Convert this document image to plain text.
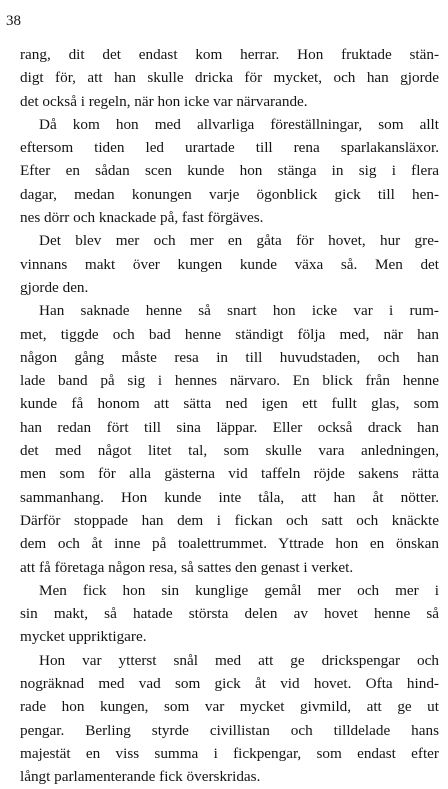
38
rang, dit det endast kom herrar. Hon fruktade stän-
digt för, att han skulle dricka för mycket, och han gjorde
det också i regeln, när hon icke var närvarande.
Då kom hon med allvarliga föreställningar, som allt
eftersom tiden led urartade till rena sparlakansläxor.
Efter en sådan scen kunde hon stänga in sig i flera
dagar, medan konungen varje ögonblick gick till hen-
nes dörr och knackade på, fast förgäves.
Det blev mer och mer en gåta för hovet, hur gre-
vinnans makt över kungen kunde växa så. Men det
gjorde den.
Han saknade henne så snart hon icke var i rum-
met, tiggde och bad henne ständigt följa med, när han
någon gång måste resa in till huvudstaden, och han
lade band på sig i hennes närvaro. En blick från henne
kunde få honom att sätta ned igen ett fullt glas, som
han redan fört till sina läppar. Eller också drack han
det med något litet tal, som skulle vara anledningen,
men som för alla gästerna vid taffeln röjde sakens rätta
sammanhang. Hon kunde inte tåla, att han åt nötter.
Därför stoppade han dem i fickan och satt och knäckte
dem och åt inne på toalettrummet. Yttrade hon en önskan
att få företaga någon resa, så sattes den genast i verket.
Men fick hon sin kunglige gemål mer och mer i
sin makt, så hatade största delen av hovet henne så
mycket uppriktigare.
Hon var ytterst snål med att ge drickspengar och
nogräknad med vad som gick åt vid hovet. Ofta hind-
rade hon kungen, som var mycket givmild, att ge ut
pengar. Berling styrde civillistan och tilldelade hans
majestät en viss summa i fickpengar, som endast efter
långt parlamenterande fick överskridas.
